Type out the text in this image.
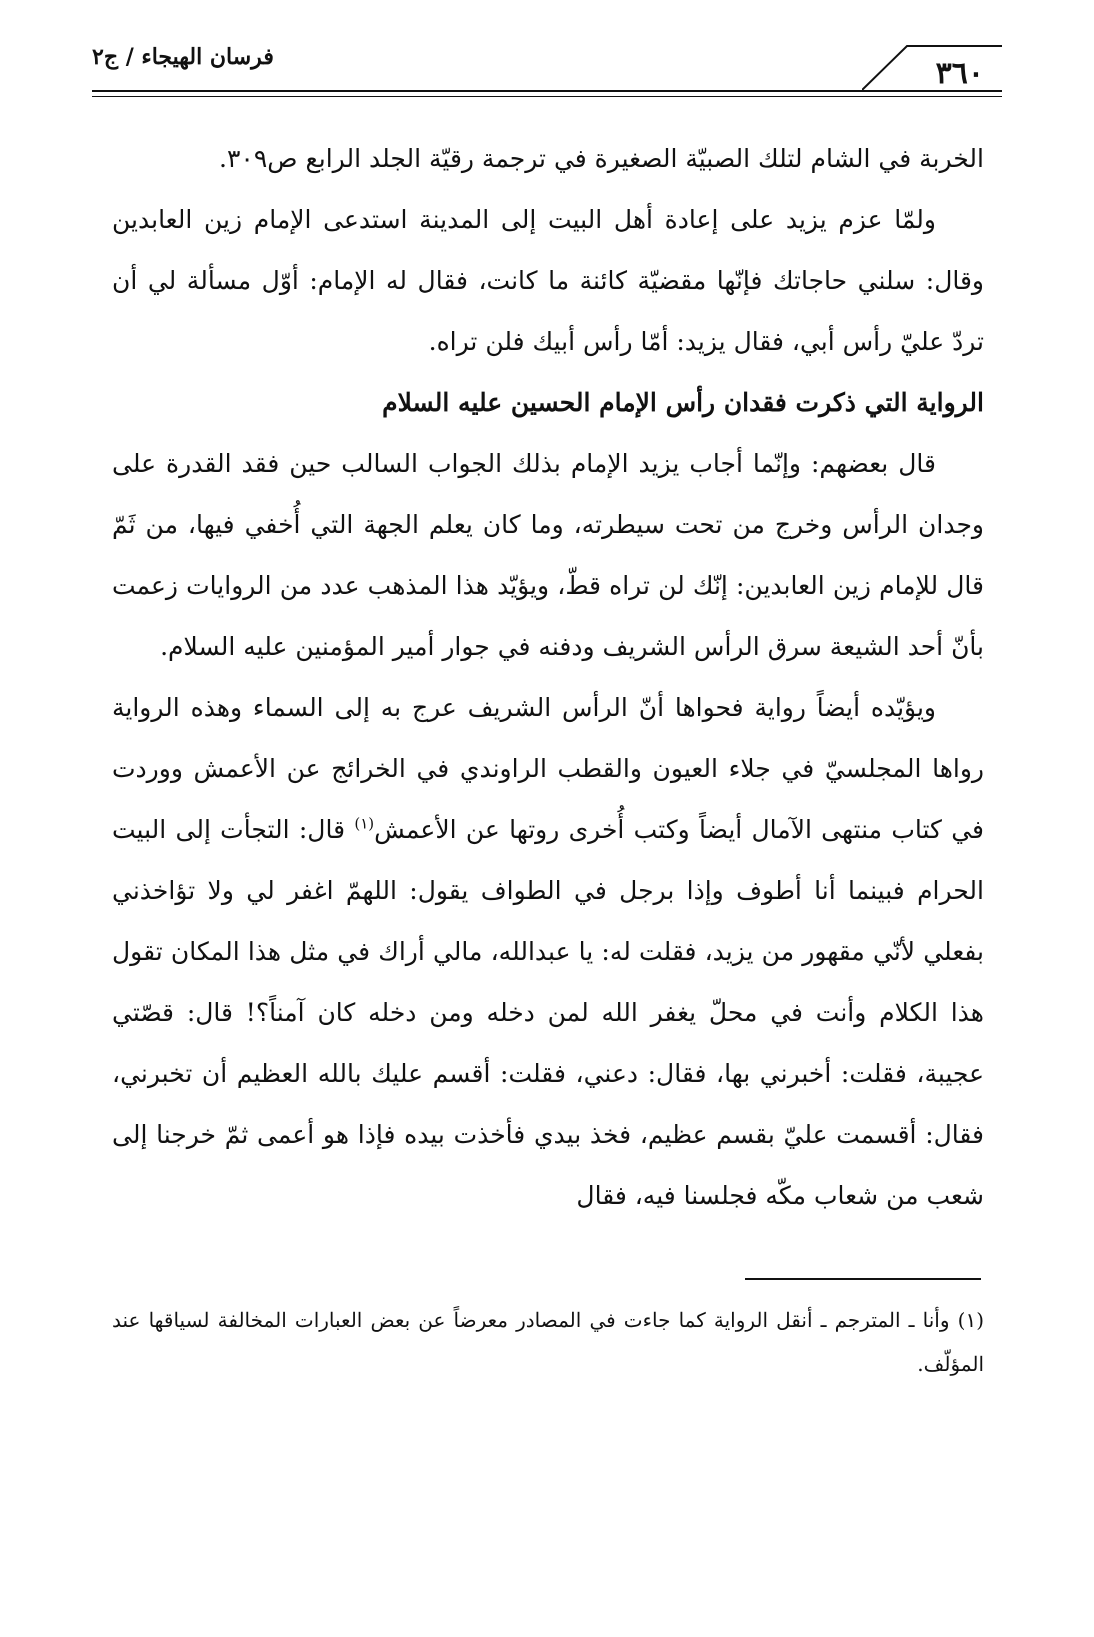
فرسان الهيجاء / ج٢	٣٦٠

الخربة في الشام لتلك الصبيّة الصغيرة في ترجمة رقيّة الجلد الرابع ص٣٠٩.

ولمّا عزم يزيد على إعادة أهل البيت إلى المدينة استدعى الإمام زين العابدين وقال: سلني حاجاتك فإنّها مقضيّة كائنة ما كانت، فقال له الإمام: أوّل مسألة لي أن تردّ عليّ رأس أبي، فقال يزيد: أمّا رأس أبيك فلن تراه.

الرواية التي ذكرت فقدان رأس الإمام الحسين عليه السلام

قال بعضهم: وإنّما أجاب يزيد الإمام بذلك الجواب السالب حين فقد القدرة على وجدان الرأس وخرج من تحت سيطرته، وما كان يعلم الجهة التي أُخفي فيها، من ثَمّ قال للإمام زين العابدين: إنّك لن تراه قطّ، ويؤيّد هذا المذهب عدد من الروايات زعمت بأنّ أحد الشيعة سرق الرأس الشريف ودفنه في جوار أمير المؤمنين عليه السلام.

ويؤيّده أيضاً رواية فحواها أنّ الرأس الشريف عرج به إلى السماء وهذه الرواية رواها المجلسيّ في جلاء العيون والقطب الراوندي في الخرائج عن الأعمش ووردت في كتاب منتهى الآمال أيضاً وكتب أُخرى روتها عن الأعمش$^{(١)}$ قال: التجأت إلى البيت الحرام فبينما أنا أطوف وإذا برجل في الطواف يقول: اللهمّ اغفر لي ولا تؤاخذني بفعلي لأنّي مقهور من يزيد، فقلت له: يا عبدالله، مالي أراك في مثل هذا المكان تقول هذا الكلام وأنت في محلّ يغفر الله لمن دخله ومن دخله كان آمناً؟! قال: قصّتي عجيبة، فقلت: أخبرني بها، فقال: دعني، فقلت: أقسم عليك بالله العظيم أن تخبرني، فقال: أقسمت عليّ بقسم عظيم، فخذ بيدي فأخذت بيده فإذا هو أعمى ثمّ خرجنا إلى شعب من شعاب مكّه فجلسنا فيه، فقال

(١) وأنا ـ المترجم ـ أنقل الرواية كما جاءت في المصادر معرضاً عن بعض العبارات المخالفة لسياقها عند المؤلّف.
